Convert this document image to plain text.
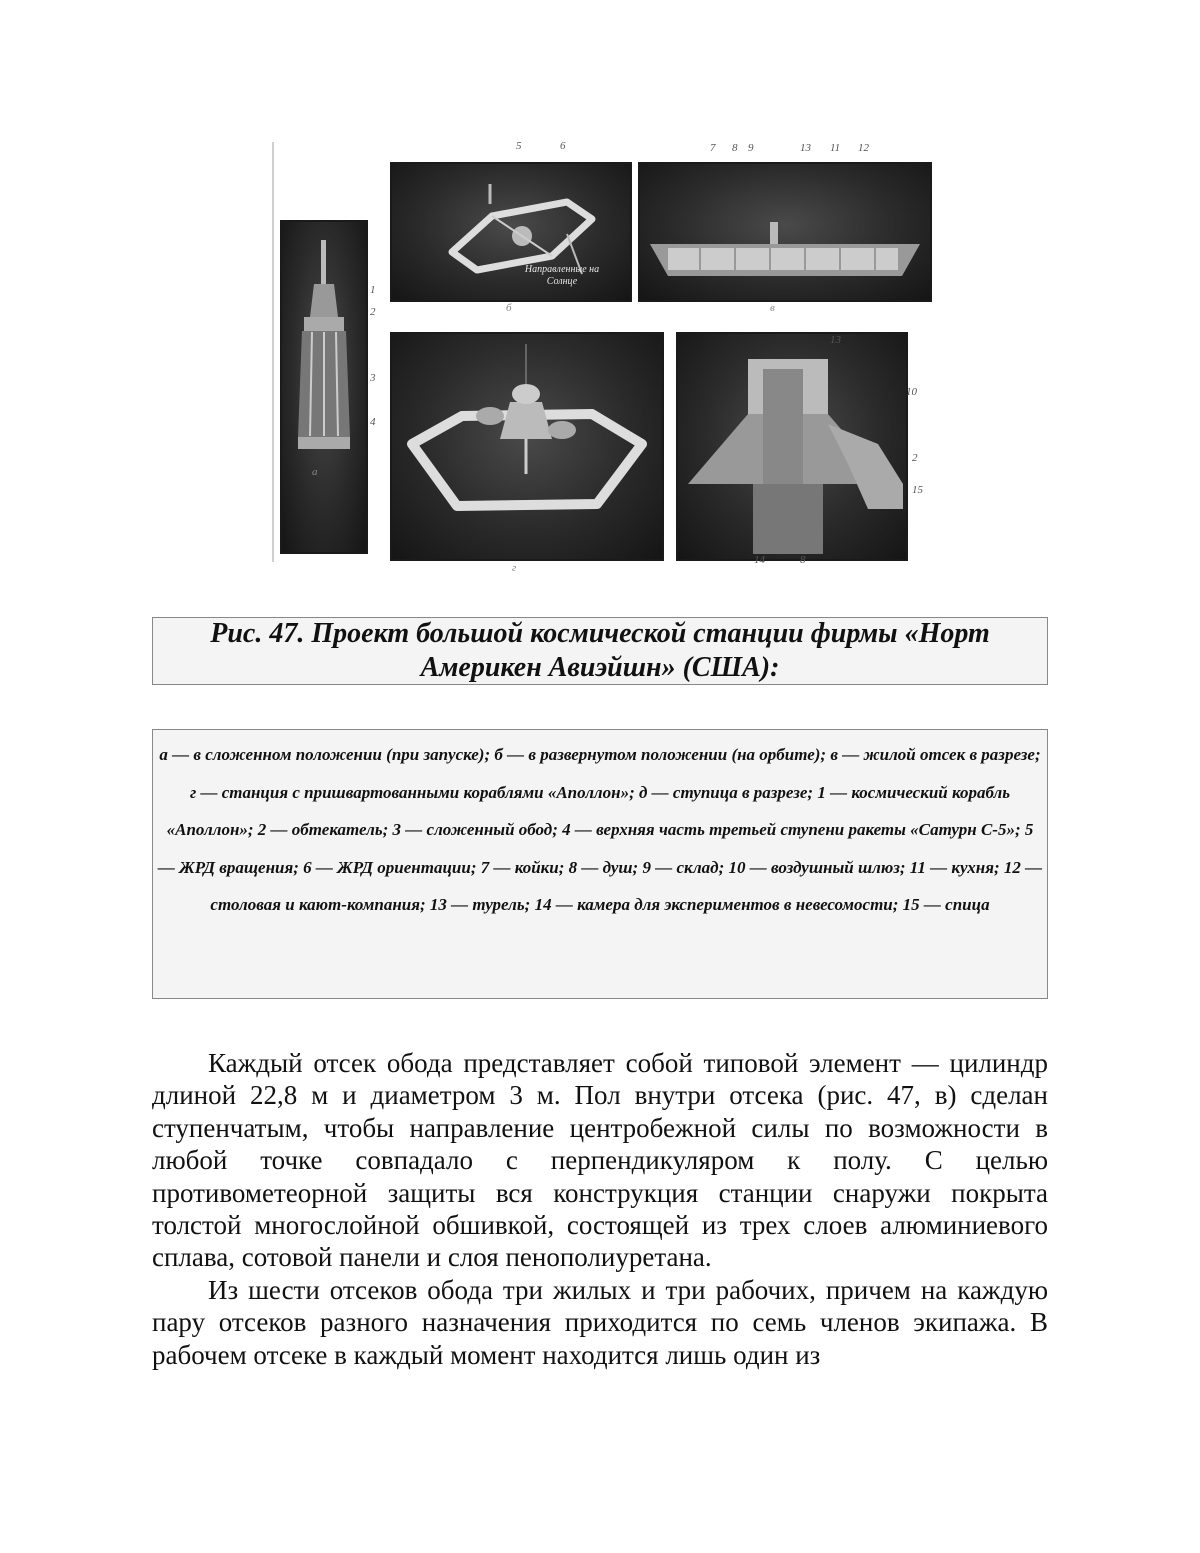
1
2
3
4
а
Направленные на Солнце
5	6
б
7 8 9	13 11 12
в
г
13
10
2
15
14	8
Рис. 47. Проект большой космической станции фирмы «Норт Америкен Авиэйшн» (США):
а — в сложенном положении (при запуске); б — в развернутом положении (на орбите); в — жилой отсек в разрезе; г — станция с пришвартованными кораблями «Аполлон»; д — ступица в разрезе; 1 — космический корабль «Аполлон»; 2 — обтекатель; 3 — сложенный обод; 4 — верхняя часть третьей ступени ракеты «Сатурн С-5»; 5 — ЖРД вращения; 6 — ЖРД ориентации; 7 — койки; 8 — душ; 9 — склад; 10 — воздушный шлюз; 11 — кухня; 12 — столовая и кают-компания; 13 — турель; 14 — камера для экспериментов в невесомости; 15 — спица

Каждый отсек обода представляет собой типовой элемент — цилиндр длиной 22,8 м и диаметром 3 м. Пол внутри отсека (рис. 47, в) сделан ступенчатым, чтобы направление центробежной силы по возможности в любой точке совпадало с перпендикуляром к полу. С целью противометеорной защиты вся конструкция станции снаружи покрыта толстой многослойной обшивкой, состоящей из трех слоев алюминиевого сплава, сотовой панели и слоя пенополиуретана.

Из шести отсеков обода три жилых и три рабочих, причем на каждую пару отсеков разного назначения приходится по семь членов экипажа. В рабочем отсеке в каждый момент находится лишь один из
